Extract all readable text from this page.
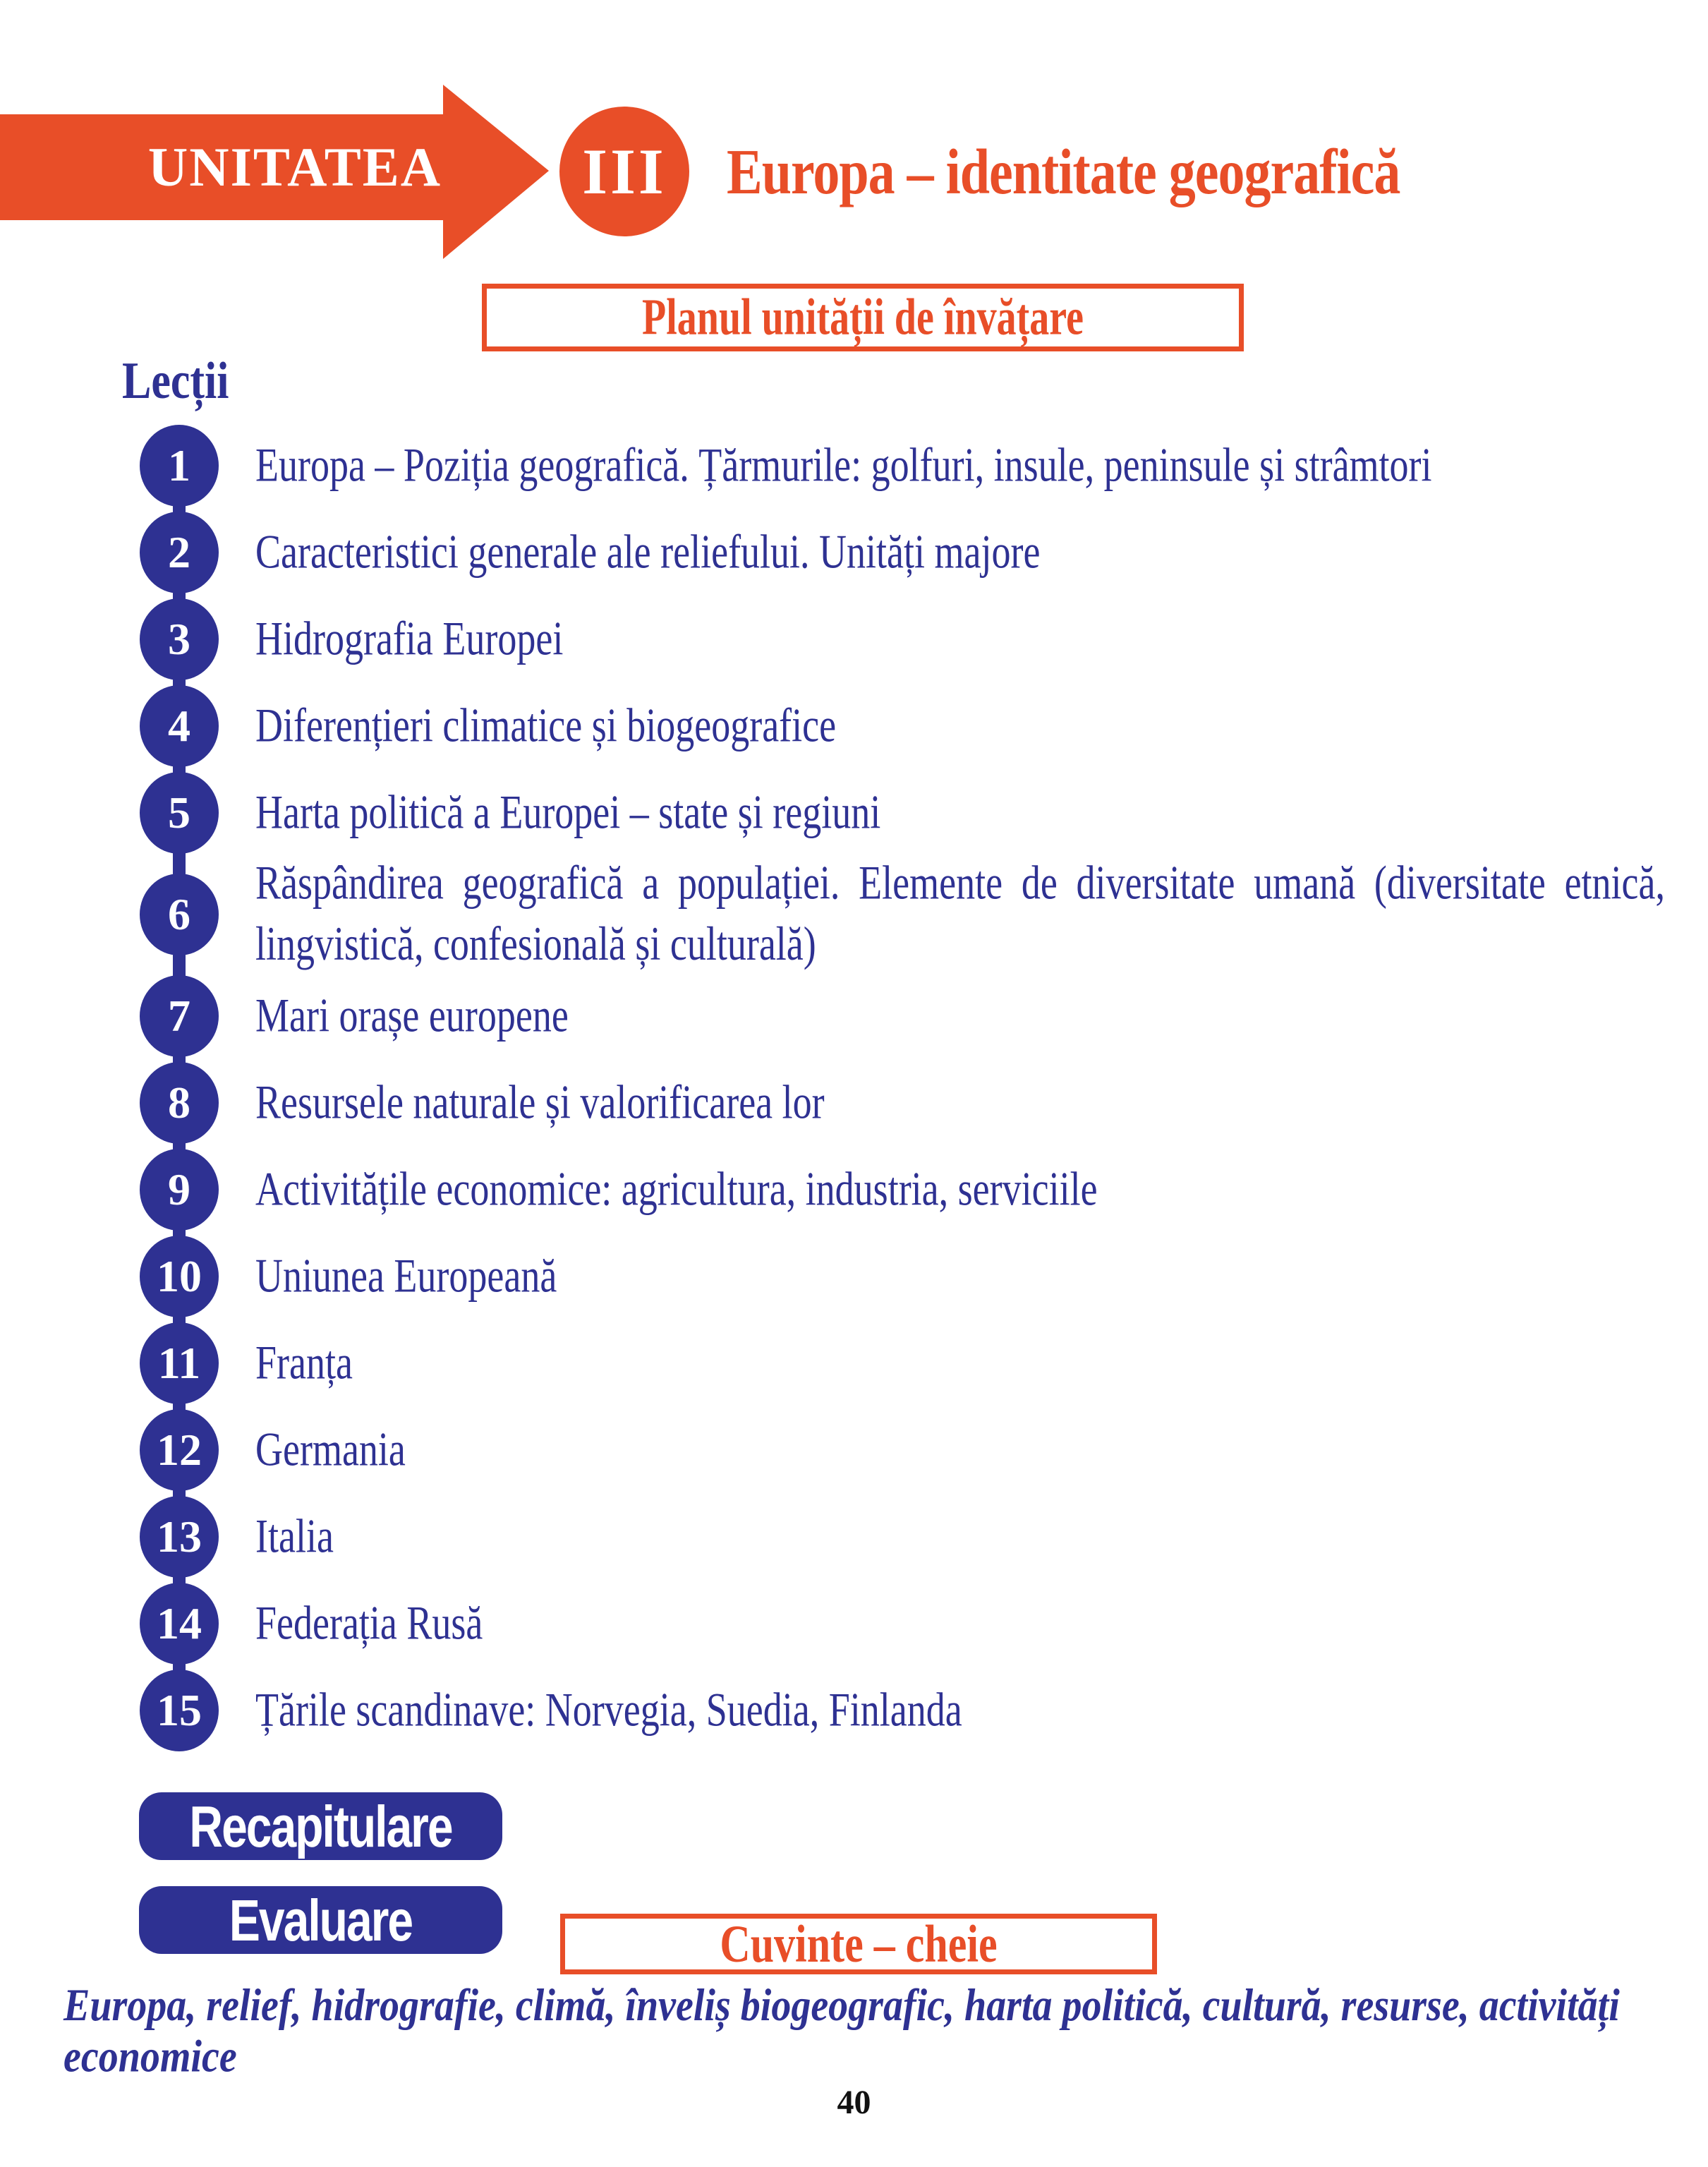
UNITATEA	III Europa – identitate geografică
Planul unității de învățare
Lecții
1 Europa – Poziția geografică. Țărmurile: golfuri, insule, peninsule și strâmtori
2 Caracteristici generale ale reliefului. Unități majore
3 Hidrografia Europei
4 Diferențieri climatice și biogeografice
5 Harta politică a Europei – state și regiuni
6
Răspândirea geografică a populației. Elemente de diversitate umană (diversitate etnică, lingvistică, confesională și culturală)
7 Mari orașe europene
8 Resursele naturale și valorificarea lor
9 Activitățile economice: agricultura, industria, serviciile
10 Uniunea Europeană
11 Franța
12 Germania
13 Italia
14 Federația Rusă
15 Țările scandinave: Norvegia, Suedia, Finlanda
Recapitulare
Evaluare	Cuvinte – cheie
Europa, relief, hidrografie, climă, înveliș biogeografic, harta politică, cultură, resurse, activități economice
40
